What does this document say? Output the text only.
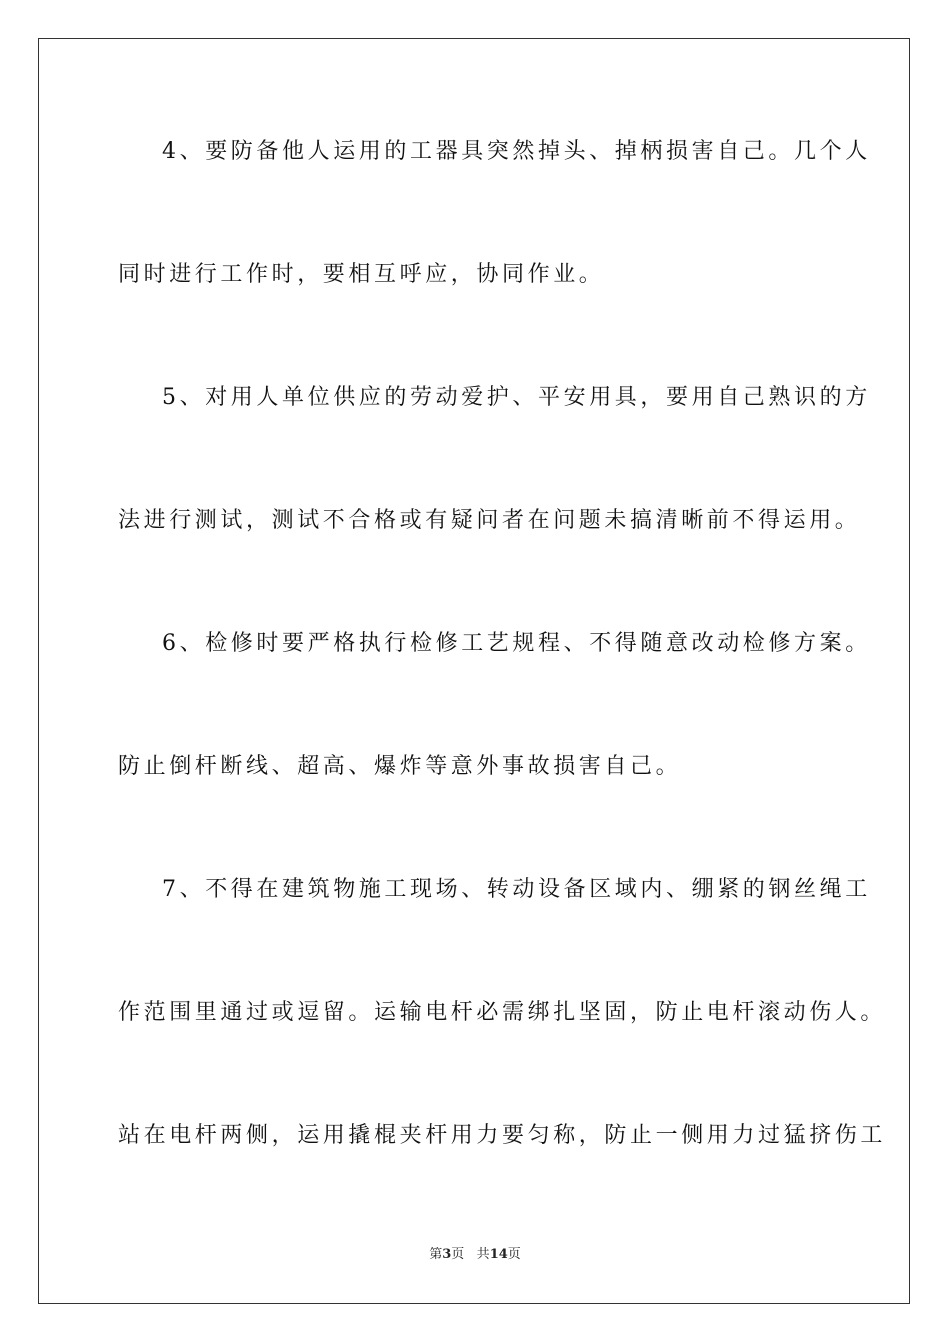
4、要防备他人运用的工器具突然掉头、掉柄损害自己。几个人
同时进行工作时，要相互呼应，协同作业。
5、对用人单位供应的劳动爱护、平安用具，要用自己熟识的方
法进行测试，测试不合格或有疑问者在问题未搞清晰前不得运用。
6、检修时要严格执行检修工艺规程、不得随意改动检修方案。
防止倒杆断线、超高、爆炸等意外事故损害自己。
7、不得在建筑物施工现场、转动设备区域内、绷紧的钢丝绳工
作范围里通过或逗留。运输电杆必需绑扎坚固，防止电杆滚动伤人。
站在电杆两侧，运用撬棍夹杆用力要匀称，防止一侧用力过猛挤伤工
第3页 共14页
